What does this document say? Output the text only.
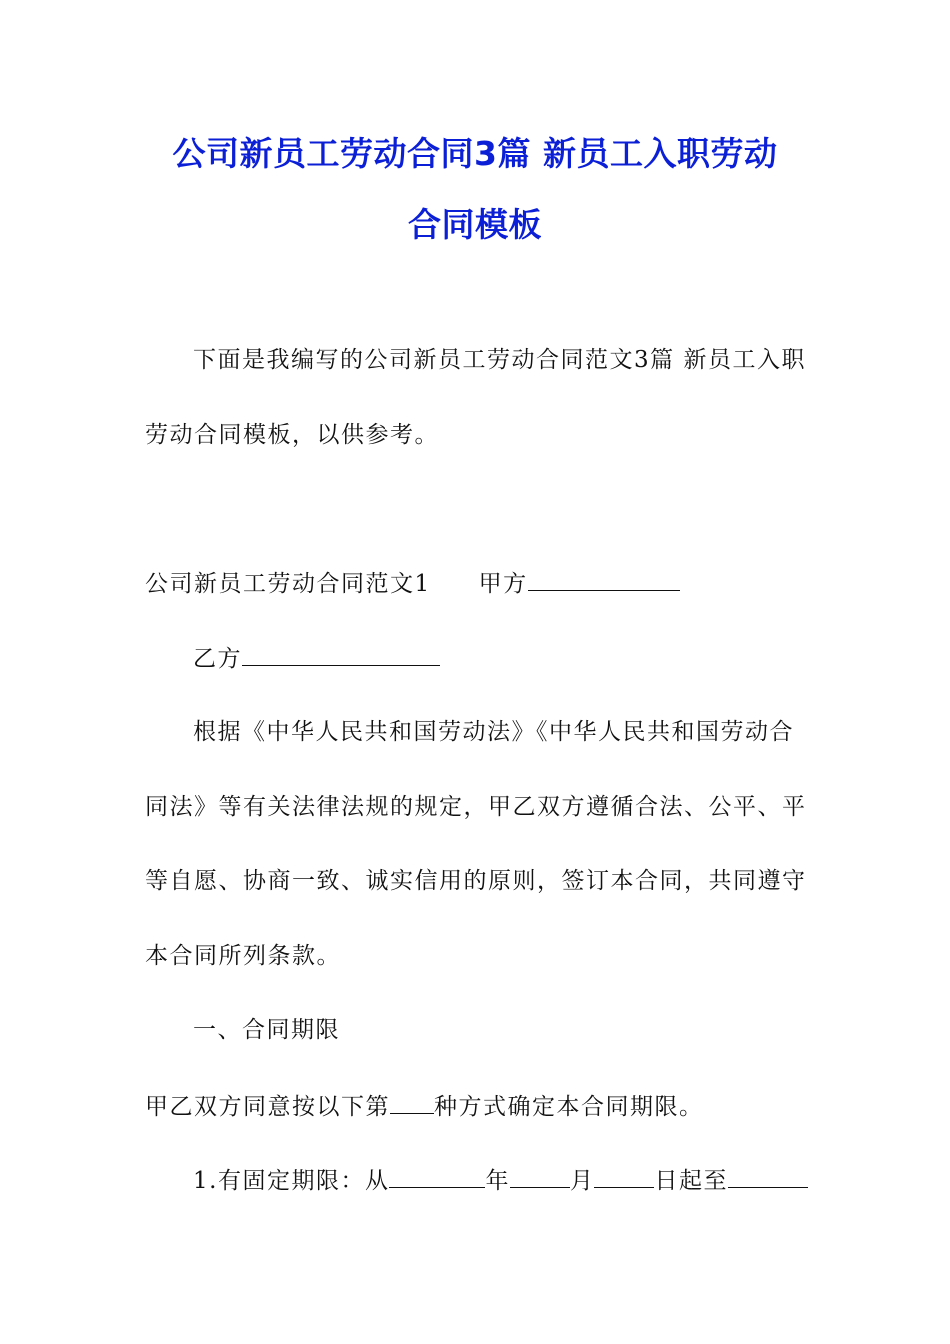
公司新员工劳动合同3篇 新员工入职劳动
合同模板
下面是我编写的公司新员工劳动合同范文3篇 新员工入职
劳动合同模板，以供参考。
公司新员工劳动合同范文1 甲方
乙方
根据《中华人民共和国劳动法》《中华人民共和国劳动合
同法》等有关法律法规的规定，甲乙双方遵循合法、公平、平
等自愿、协商一致、诚实信用的原则，签订本合同，共同遵守
本合同所列条款。
一、合同期限
甲乙双方同意按以下第 种方式确定本合同期限。
1.有固定期限：从	年	月	日起至
